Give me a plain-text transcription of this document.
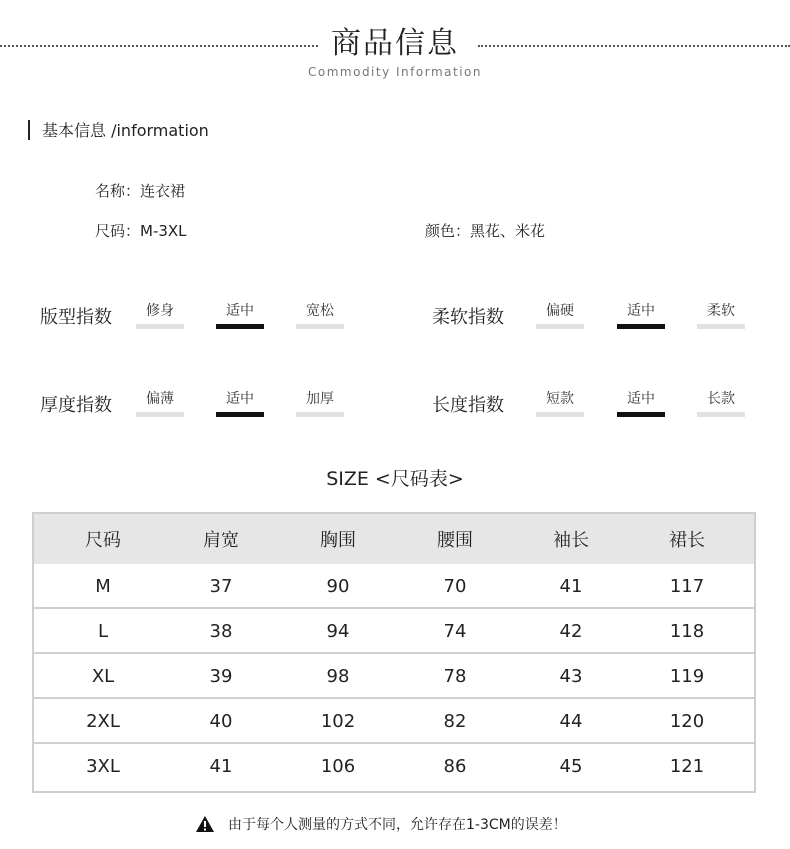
商品信息
Commodity Information
基本信息 /information
名称：连衣裙
尺码：M-3XL	颜色：黑花、米花
版型指数	修身	适中	宽松	柔软指数	偏硬	适中	柔软
厚度指数	偏薄	适中	加厚	长度指数	短款	适中	长款
SIZE <尺码表>
尺码	肩宽	胸围	腰围	袖长	裙长
M	37	90	70	41	117
L	38	94	74	42	118
XL	39	98	78	43	119
2XL	40	102	82	44	120
3XL	41	106	86	45	121
由于每个人测量的方式不同，允许存在1-3CM的误差！
